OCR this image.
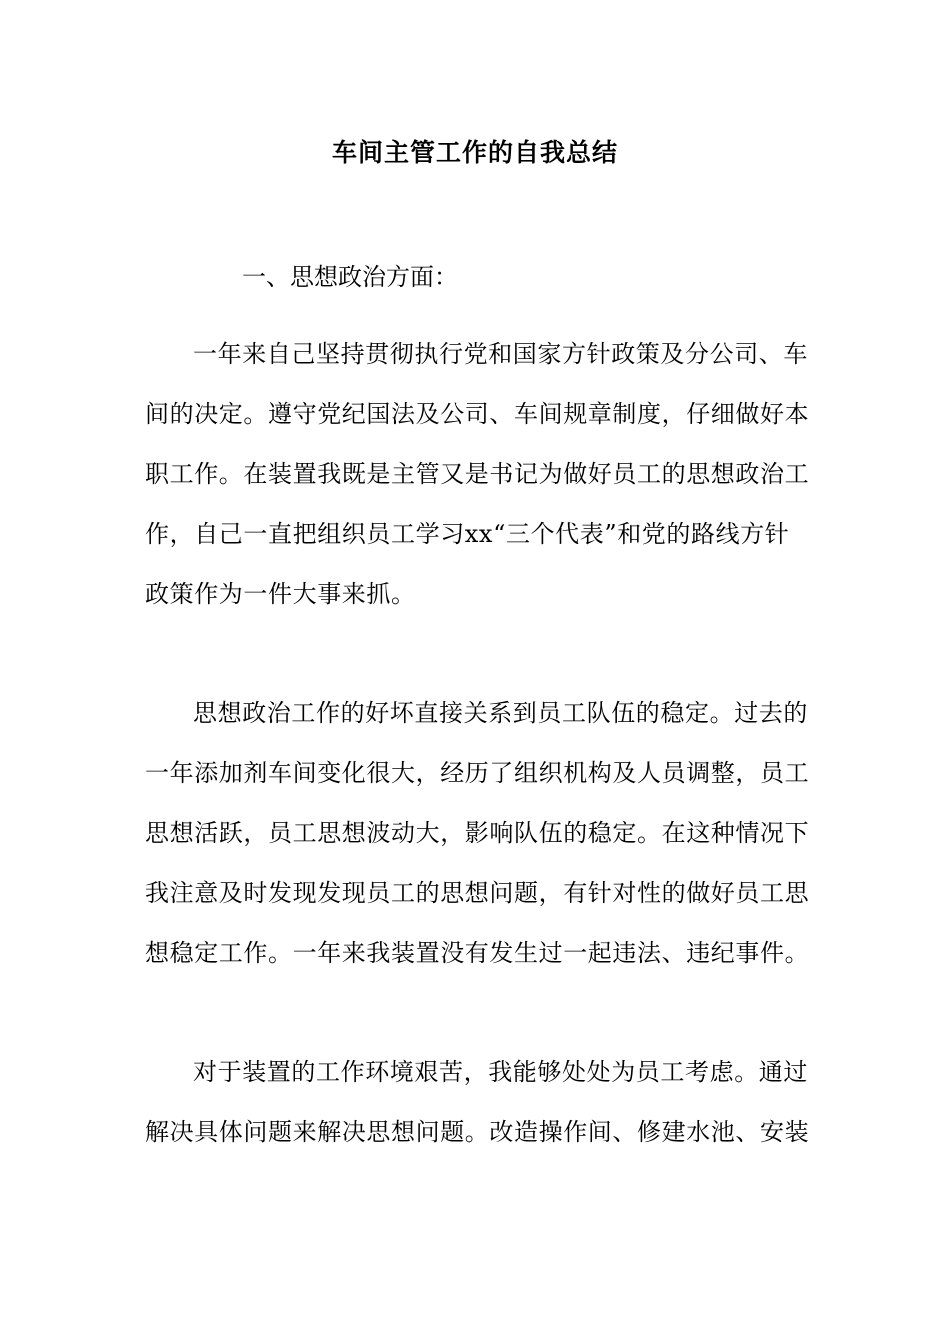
车间主管工作的自我总结
一、思想政治方面：
一年来自己坚持贯彻执行党和国家方针政策及分公司、车
间的决定。遵守党纪国法及公司、车间规章制度，仔细做好本
职工作。在装置我既是主管又是书记为做好员工的思想政治工
作，自己一直把组织员工学习xx“三个代表”和党的路线方针
政策作为一件大事来抓。
思想政治工作的好坏直接关系到员工队伍的稳定。过去的
一年添加剂车间变化很大，经历了组织机构及人员调整，员工
思想活跃，员工思想波动大，影响队伍的稳定。在这种情况下
我注意及时发现发现员工的思想问题，有针对性的做好员工思
想稳定工作。一年来我装置没有发生过一起违法、违纪事件。
对于装置的工作环境艰苦，我能够处处为员工考虑。通过
解决具体问题来解决思想问题。改造操作间、修建水池、安装
